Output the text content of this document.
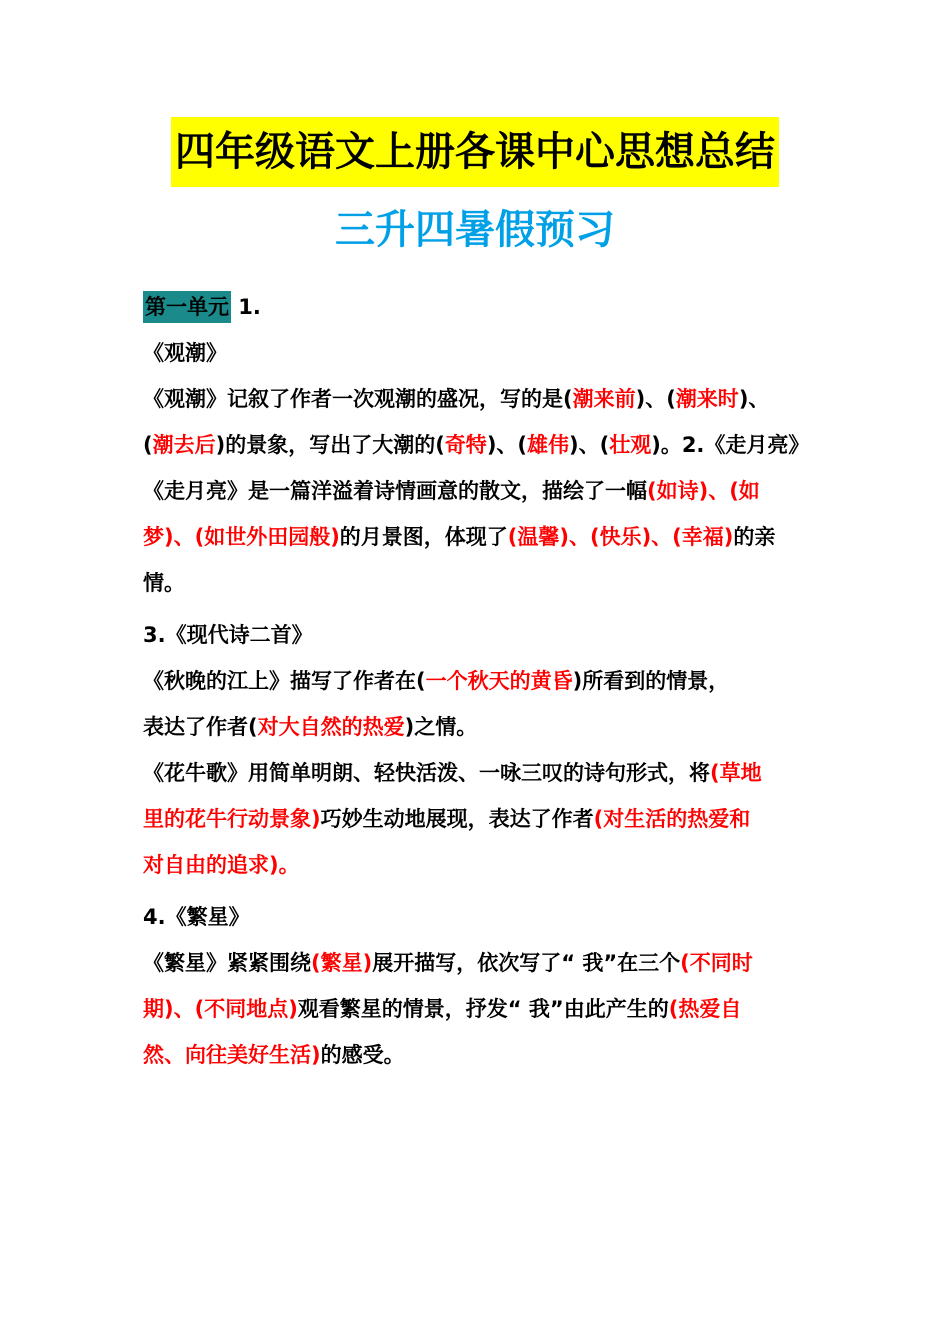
四年级语文上册各课中心思想总结
三升四暑假预习
第一单元 1.
《观潮》
《观潮》记叙了作者一次观潮的盛况，写的是(潮来前)、(潮来时)、
(潮去后)的景象，写出了大潮的(奇特)、(雄伟)、(壮观)。2.《走月亮》
《走月亮》是一篇洋溢着诗情画意的散文，描绘了一幅(如诗)、(如
梦)、(如世外田园般)的月景图，体现了(温馨)、(快乐)、(幸福)的亲
情。
3.《现代诗二首》
《秋晚的江上》描写了作者在(一个秋天的黄昏)所看到的情景，
表达了作者(对大自然的热爱)之情。
《花牛歌》用简单明朗、轻快活泼、一咏三叹的诗句形式，将(草地
里的花牛行动景象)巧妙生动地展现，表达了作者(对生活的热爱和
对自由的追求)。
4.《繁星》
《繁星》紧紧围绕(繁星)展开描写，依次写了“ 我”在三个(不同时
期)、(不同地点)观看繁星的情景，抒发“ 我”由此产生的(热爱自
然、向往美好生活)的感受。
